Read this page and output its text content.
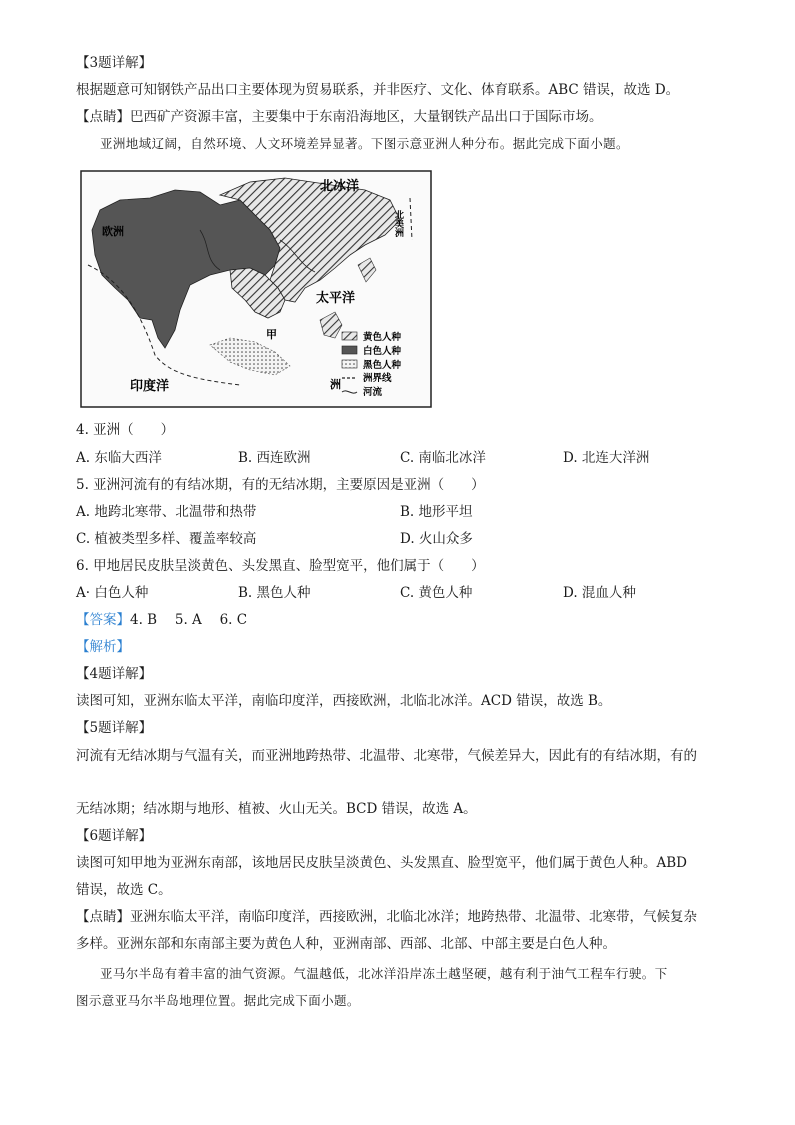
【3题详解】
根据题意可知钢铁产品出口主要体现为贸易联系，并非医疗、文化、体育联系。ABC 错误，故选 D。
【点睛】巴西矿产资源丰富，主要集中于东南沿海地区，大量钢铁产品出口于国际市场。
亚洲地域辽阔，自然环境、人文环境差异显著。下图示意亚洲人种分布。据此完成下面小题。
北冰洋
北美洲
欧洲
太平洋
印度洋
甲
洲
黄色人种
白色人种
黑色人种
洲界线
河流
4. 亚洲（　　）
A. 东临大西洋	B. 西连欧洲	C. 南临北冰洋	D. 北连大洋洲
5. 亚洲河流有的有结冰期，有的无结冰期，主要原因是亚洲（　　）
A. 地跨北寒带、北温带和热带	B. 地形平坦
C. 植被类型多样、覆盖率较高	D. 火山众多
6. 甲地居民皮肤呈淡黄色、头发黑直、脸型宽平，他们属于（　　）
A· 白色人种	B. 黑色人种	C. 黄色人种	D. 混血人种
【答案】4. B　 5. A　 6. C
【解析】
【4题详解】
读图可知，亚洲东临太平洋，南临印度洋，西接欧洲，北临北冰洋。ACD 错误，故选 B。
【5题详解】
河流有无结冰期与气温有关，而亚洲地跨热带、北温带、北寒带，气候差异大，因此有的有结冰期，有的
无结冰期；结冰期与地形、植被、火山无关。BCD 错误，故选 A。
【6题详解】
读图可知甲地为亚洲东南部，该地居民皮肤呈淡黄色、头发黑直、脸型宽平，他们属于黄色人种。ABD
错误，故选 C。
【点睛】亚洲东临太平洋，南临印度洋，西接欧洲，北临北冰洋；地跨热带、北温带、北寒带，气候复杂
多样。亚洲东部和东南部主要为黄色人种，亚洲南部、西部、北部、中部主要是白色人种。
亚马尔半岛有着丰富的油气资源。气温越低，北冰洋沿岸冻土越坚硬，越有利于油气工程车行驶。下
图示意亚马尔半岛地理位置。据此完成下面小题。
